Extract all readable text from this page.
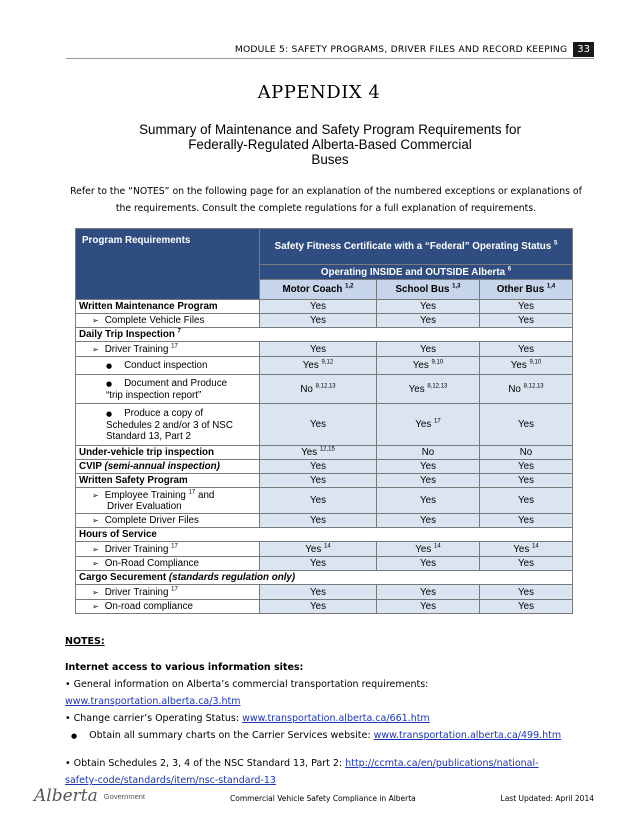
MODULE 5: SAFETY PROGRAMS, DRIVER FILES AND RECORD KEEPING	33
APPENDIX 4
Summary of Maintenance and Safety Program Requirements for
Federally-Regulated Alberta-Based Commercial
Buses
Refer to the “NOTES” on the following page for an explanation of the numbered exceptions or explanations of
the requirements. Consult the complete regulations for a full explanation of requirements.
Program Requirements	Safety Fitness Certificate with a “Federal” Operating Status $^5$
	Operating INSIDE and OUTSIDE Alberta $^6$
	Motor Coach $^{1,2}$	School Bus $^{1,3}$	Other Bus $^{1,4}$
Written Maintenance Program	Yes	Yes	Yes
➢ Complete Vehicle Files	Yes	Yes	Yes
Daily Trip Inspection $^7$
➢ Driver Training $^{17}$	Yes	Yes	Yes
● Conduct inspection	Yes $^{9,12}$	Yes $^{9,10}$	Yes $^{9,10}$
● Document and Produce
“trip inspection report”	No $^{8,12,13}$	Yes $^{8,12,13}$	No $^{8,12,13}$
● Produce a copy of
Schedules 2 and/or 3 of NSC
Standard 13, Part 2	Yes	Yes $^{17}$	Yes
Under-vehicle trip inspection	Yes $^{12,15}$	No	No
CVIP (semi-annual inspection)	Yes	Yes	Yes
Written Safety Program	Yes	Yes	Yes
➢ Employee Training $^{17}$ and
Driver Evaluation	Yes	Yes	Yes
➢ Complete Driver Files	Yes	Yes	Yes
Hours of Service			
➢ Driver Training $^{17}$	Yes $^{14}$	Yes $^{14}$	Yes $^{14}$
➢ On-Road Compliance	Yes	Yes	Yes
Cargo Securement (standards regulation only)			
➢ Driver Training $^{17}$	Yes	Yes	Yes
➢ On-road compliance	Yes	Yes	Yes
NOTES:
Internet access to various information sites:
• General information on Alberta’s commercial transportation requirements:
www.transportation.alberta.ca/3.htm
• Change carrier’s Operating Status: www.transportation.alberta.ca/661.htm
● Obtain all summary charts on the Carrier Services website: www.transportation.alberta.ca/499.htm
• Obtain Schedules 2, 3, 4 of the NSC Standard 13, Part 2: http://ccmta.ca/en/publications/national-
safety-code/standards/item/nsc-standard-13
Alberta Government	Commercial Vehicle Safety Compliance in Alberta	Last Updated: April 2014
